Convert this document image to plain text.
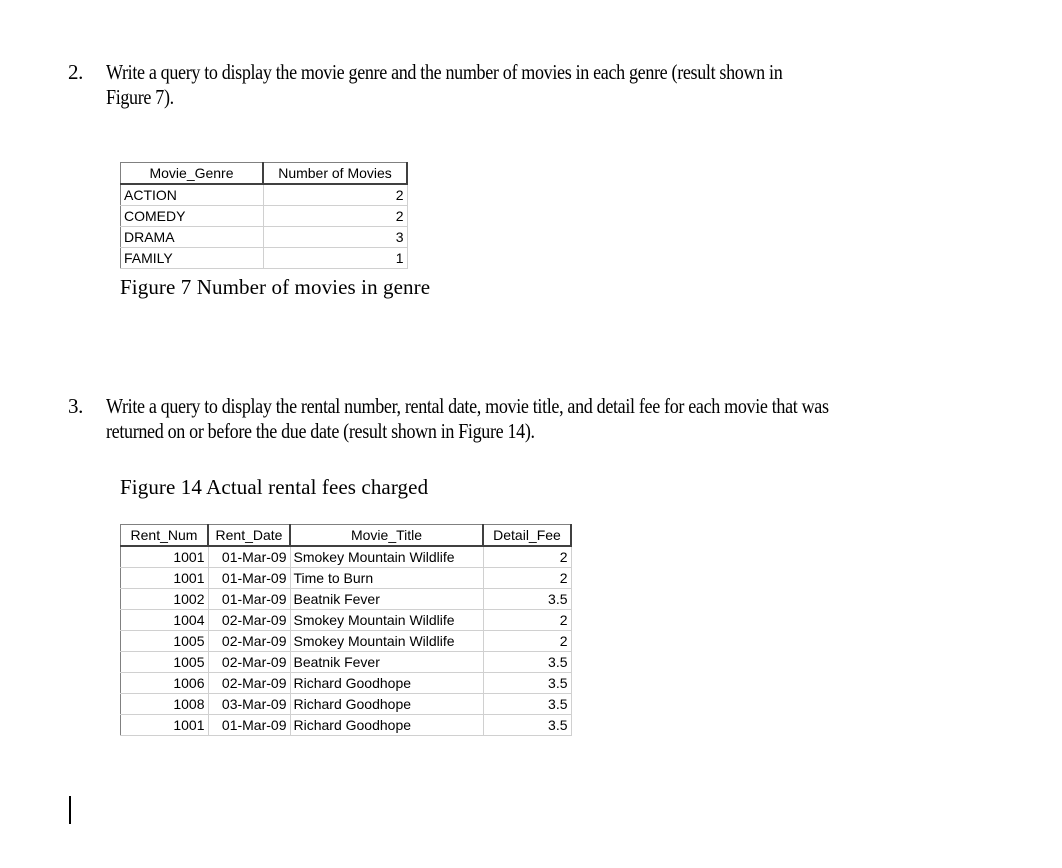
2.	Write a query to display the movie genre and the number of movies in each genre (result shown in
Figure 7).
Movie_Genre	Number of Movies
ACTION	2
COMEDY	2
DRAMA	3
FAMILY	1
Figure 7 Number of movies in genre
3.	Write a query to display the rental number, rental date, movie title, and detail fee for each movie that was
returned on or before the due date (result shown in Figure 14).
Figure 14 Actual rental fees charged
Rent_Num	Rent_Date	Movie_Title	Detail_Fee
1001	01-Mar-09	Smokey Mountain Wildlife	2
1001	01-Mar-09	Time to Burn	2
1002	01-Mar-09	Beatnik Fever	3.5
1004	02-Mar-09	Smokey Mountain Wildlife	2
1005	02-Mar-09	Smokey Mountain Wildlife	2
1005	02-Mar-09	Beatnik Fever	3.5
1006	02-Mar-09	Richard Goodhope	3.5
1008	03-Mar-09	Richard Goodhope	3.5
1001	01-Mar-09	Richard Goodhope	3.5
